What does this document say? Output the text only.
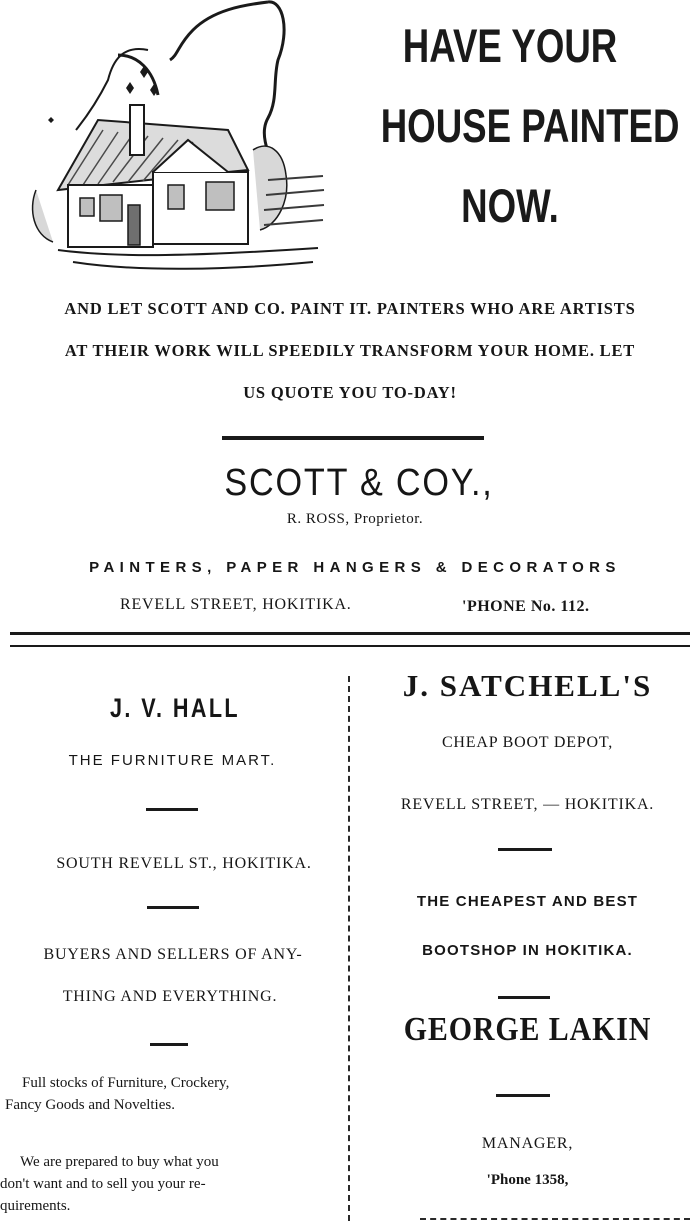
HAVE YOUR
HOUSE PAINTED
NOW.
AND LET SCOTT AND CO. PAINT IT. PAINTERS WHO ARE ARTISTS
AT THEIR WORK WILL SPEEDILY TRANSFORM YOUR HOME. LET
US QUOTE YOU TO-DAY!
SCOTT & COY.,
R. ROSS, Proprietor.
PAINTERS, PAPER HANGERS & DECORATORS
REVELL STREET, HOKITIKA.	'PHONE No. 112.
J. V. HALL
THE FURNITURE MART.
SOUTH REVELL ST., HOKITIKA.
BUYERS AND SELLERS OF ANY-
THING AND EVERYTHING.
Full stocks of Furniture, Crockery,
Fancy Goods and Novelties.
We are prepared to buy what you
don't want and to sell you your re-
quirements.
J. SATCHELL'S
CHEAP BOOT DEPOT,
REVELL STREET, — HOKITIKA.
THE CHEAPEST AND BEST
BOOTSHOP IN HOKITIKA.
GEORGE LAKIN
MANAGER,
'Phone 1358,
